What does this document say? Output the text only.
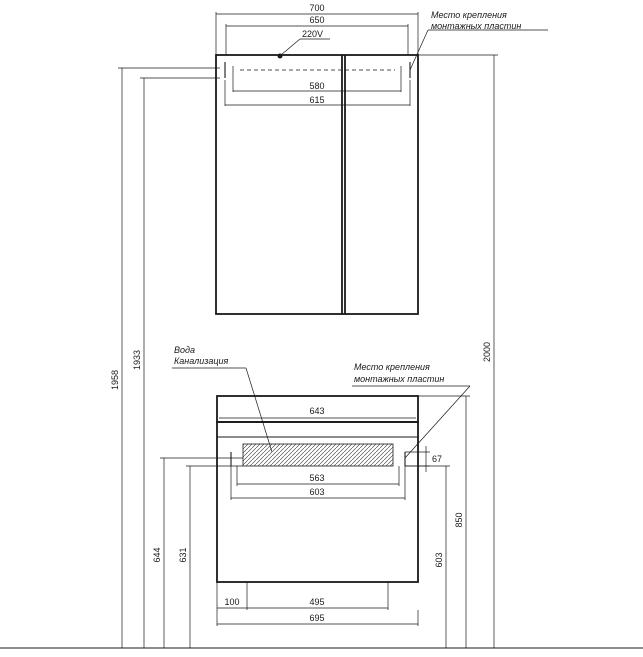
700
650
220V
580
615
Место крепления
монтажных пластин
Вода
Канализация
Место крепления
монтажных пластин
643
67
563
603
100	495
695
1958
1933	2000
850
644 631	603
